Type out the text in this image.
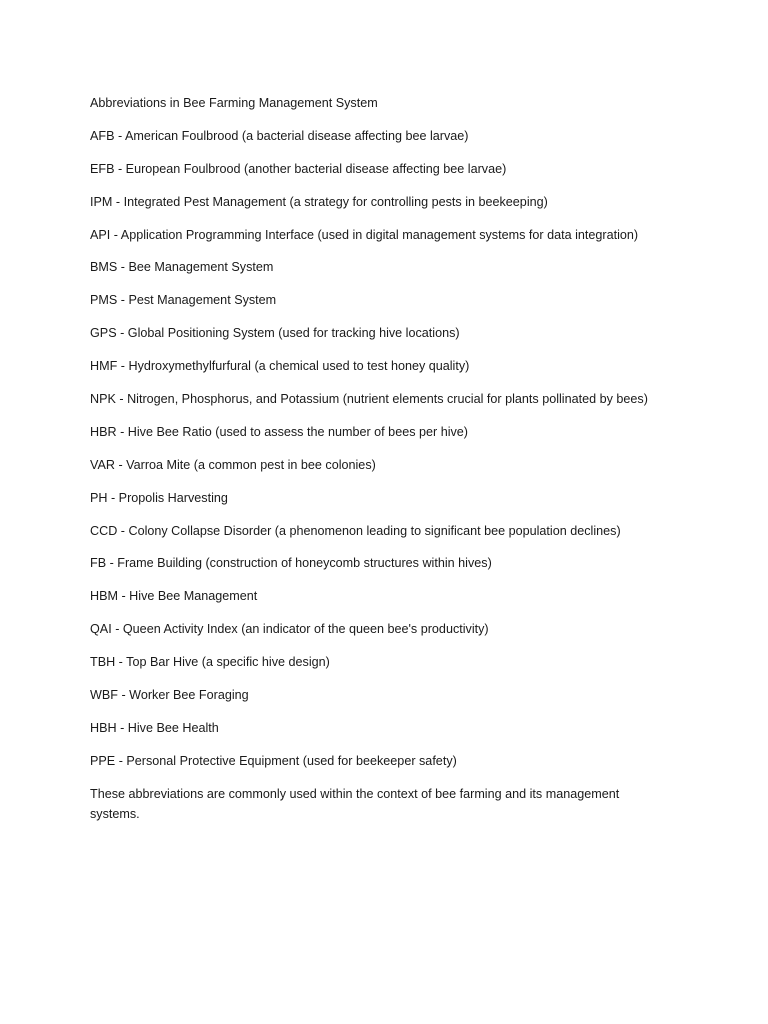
Abbreviations in Bee Farming Management System

AFB - American Foulbrood (a bacterial disease affecting bee larvae)

EFB - European Foulbrood (another bacterial disease affecting bee larvae)

IPM - Integrated Pest Management (a strategy for controlling pests in beekeeping)

API - Application Programming Interface (used in digital management systems for data integration)

BMS - Bee Management System

PMS - Pest Management System

GPS - Global Positioning System (used for tracking hive locations)

HMF - Hydroxymethylfurfural (a chemical used to test honey quality)

NPK - Nitrogen, Phosphorus, and Potassium (nutrient elements crucial for plants pollinated by bees)

HBR - Hive Bee Ratio (used to assess the number of bees per hive)

VAR - Varroa Mite (a common pest in bee colonies)

PH - Propolis Harvesting

CCD - Colony Collapse Disorder (a phenomenon leading to significant bee population declines)

FB - Frame Building (construction of honeycomb structures within hives)

HBM - Hive Bee Management

QAI - Queen Activity Index (an indicator of the queen bee's productivity)

TBH - Top Bar Hive (a specific hive design)

WBF - Worker Bee Foraging

HBH - Hive Bee Health

PPE - Personal Protective Equipment (used for beekeeper safety)

These abbreviations are commonly used within the context of bee farming and its management systems.
